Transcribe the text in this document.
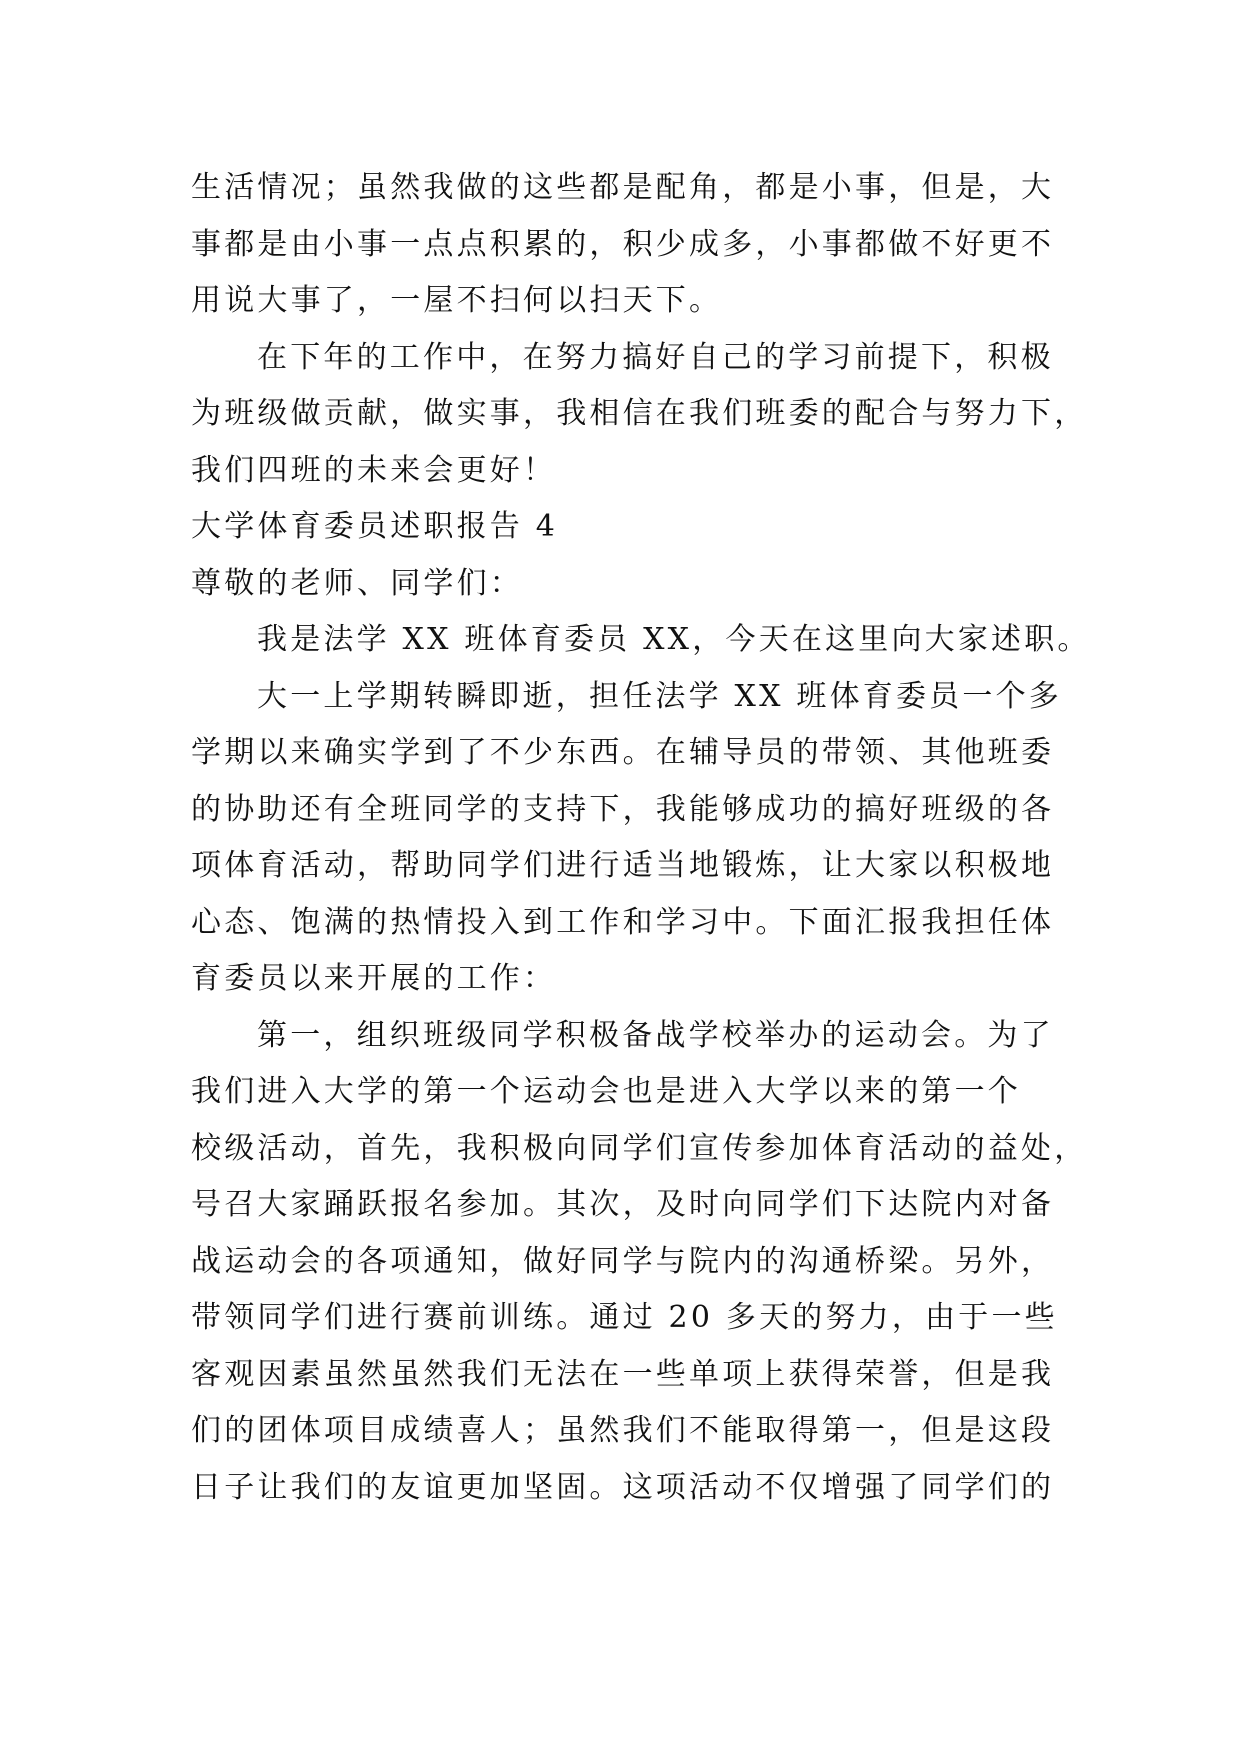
生活情况；虽然我做的这些都是配角，都是小事，但是，大
事都是由小事一点点积累的，积少成多，小事都做不好更不
用说大事了，一屋不扫何以扫天下。
在下年的工作中，在努力搞好自己的学习前提下，积极
为班级做贡献，做实事，我相信在我们班委的配合与努力下，
我们四班的未来会更好！
大学体育委员述职报告 4
尊敬的老师、同学们：
我是法学 XX 班体育委员 XX，今天在这里向大家述职。
大一上学期转瞬即逝，担任法学 XX 班体育委员一个多
学期以来确实学到了不少东西。在辅导员的带领、其他班委
的协助还有全班同学的支持下，我能够成功的搞好班级的各
项体育活动，帮助同学们进行适当地锻炼，让大家以积极地
心态、饱满的热情投入到工作和学习中。下面汇报我担任体
育委员以来开展的工作：
第一，组织班级同学积极备战学校举办的运动会。为了
我们进入大学的第一个运动会也是进入大学以来的第一个
校级活动，首先，我积极向同学们宣传参加体育活动的益处，
号召大家踊跃报名参加。其次，及时向同学们下达院内对备
战运动会的各项通知，做好同学与院内的沟通桥梁。另外，
带领同学们进行赛前训练。通过 20 多天的努力，由于一些
客观因素虽然虽然我们无法在一些单项上获得荣誉，但是我
们的团体项目成绩喜人；虽然我们不能取得第一，但是这段
日子让我们的友谊更加坚固。这项活动不仅增强了同学们的
